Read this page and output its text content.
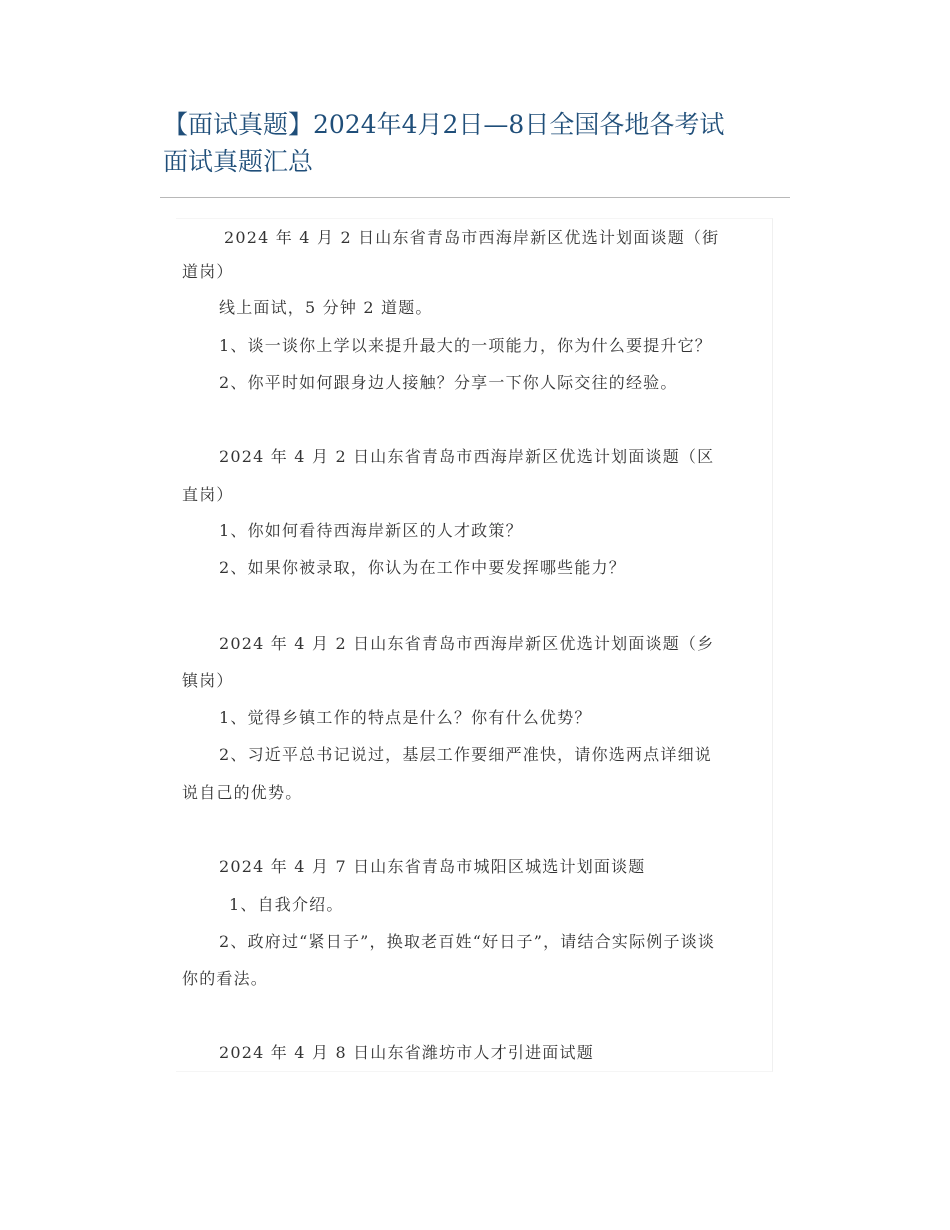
【面试真题】2024年4月2日—8日全国各地各考试
面试真题汇总
2024 年 4 月 2 日山东省青岛市西海岸新区优选计划面谈题（街
道岗）
线上面试，5 分钟 2 道题。
1、谈一谈你上学以来提升最大的一项能力，你为什么要提升它？
2、你平时如何跟身边人接触？分享一下你人际交往的经验。
2024 年 4 月 2 日山东省青岛市西海岸新区优选计划面谈题（区
直岗）
1、你如何看待西海岸新区的人才政策？
2、如果你被录取，你认为在工作中要发挥哪些能力？
2024 年 4 月 2 日山东省青岛市西海岸新区优选计划面谈题（乡
镇岗）
1、觉得乡镇工作的特点是什么？你有什么优势？
2、习近平总书记说过，基层工作要细严准快，请你选两点详细说
说自己的优势。
2024 年 4 月 7 日山东省青岛市城阳区城选计划面谈题
1、自我介绍。
2、政府过“紧日子”，换取老百姓“好日子”，请结合实际例子谈谈
你的看法。
2024 年 4 月 8 日山东省潍坊市人才引进面试题
